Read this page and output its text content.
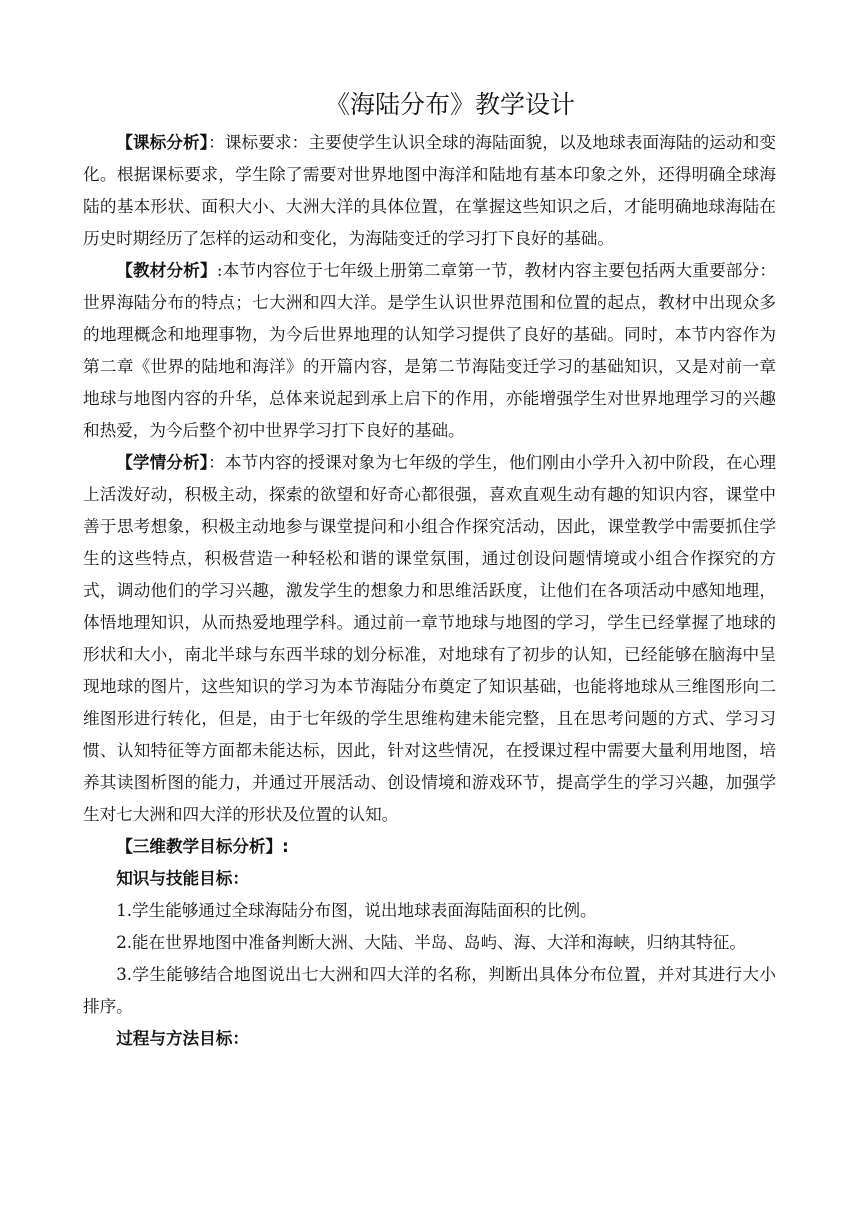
《海陆分布》教学设计

【课标分析】：课标要求：主要使学生认识全球的海陆面貌，以及地球表面海陆的运动和变化。根据课标要求，学生除了需要对世界地图中海洋和陆地有基本印象之外，还得明确全球海陆的基本形状、面积大小、大洲大洋的具体位置，在掌握这些知识之后，才能明确地球海陆在历史时期经历了怎样的运动和变化，为海陆变迁的学习打下良好的基础。

【教材分析】:本节内容位于七年级上册第二章第一节，教材内容主要包括两大重要部分：世界海陆分布的特点；七大洲和四大洋。是学生认识世界范围和位置的起点，教材中出现众多的地理概念和地理事物，为今后世界地理的认知学习提供了良好的基础。同时，本节内容作为第二章《世界的陆地和海洋》的开篇内容，是第二节海陆变迁学习的基础知识，又是对前一章地球与地图内容的升华，总体来说起到承上启下的作用，亦能增强学生对世界地理学习的兴趣和热爱，为今后整个初中世界学习打下良好的基础。

【学情分析】：本节内容的授课对象为七年级的学生，他们刚由小学升入初中阶段，在心理上活泼好动，积极主动，探索的欲望和好奇心都很强，喜欢直观生动有趣的知识内容，课堂中善于思考想象，积极主动地参与课堂提问和小组合作探究活动，因此，课堂教学中需要抓住学生的这些特点，积极营造一种轻松和谐的课堂氛围，通过创设问题情境或小组合作探究的方式，调动他们的学习兴趣，激发学生的想象力和思维活跃度，让他们在各项活动中感知地理，体悟地理知识，从而热爱地理学科。通过前一章节地球与地图的学习，学生已经掌握了地球的形状和大小，南北半球与东西半球的划分标准，对地球有了初步的认知，已经能够在脑海中呈现地球的图片，这些知识的学习为本节海陆分布奠定了知识基础，也能将地球从三维图形向二维图形进行转化，但是，由于七年级的学生思维构建未能完整，且在思考问题的方式、学习习惯、认知特征等方面都未能达标，因此，针对这些情况，在授课过程中需要大量利用地图，培养其读图析图的能力，并通过开展活动、创设情境和游戏环节，提高学生的学习兴趣，加强学生对七大洲和四大洋的形状及位置的认知。

【三维教学目标分析】:

知识与技能目标：

1.学生能够通过全球海陆分布图，说出地球表面海陆面积的比例。

2.能在世界地图中准备判断大洲、大陆、半岛、岛屿、海、大洋和海峡，归纳其特征。

3.学生能够结合地图说出七大洲和四大洋的名称，判断出具体分布位置，并对其进行大小排序。

过程与方法目标：
